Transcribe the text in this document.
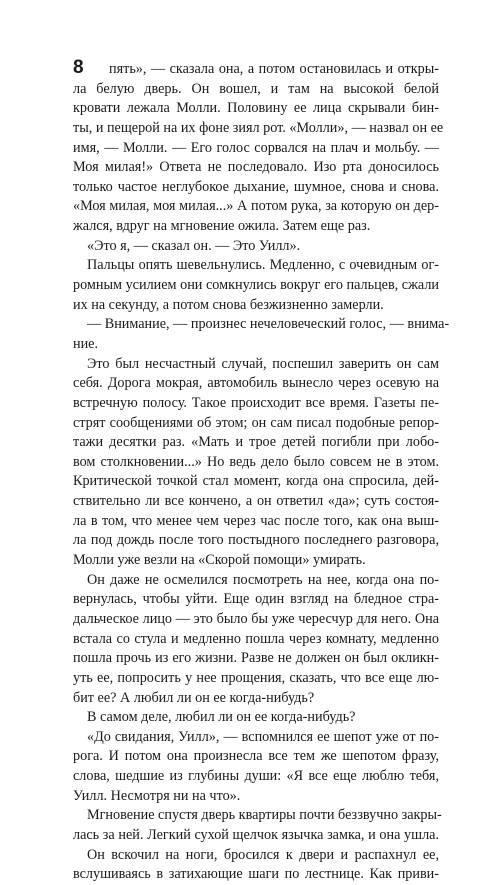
8	пять», — сказала она, а потом остановилась и откры-
ла белую дверь. Он вошел, и там на высокой белой
кровати лежала Молли. Половину ее лица скрывали бин-
ты, и пещерой на их фоне зиял рот. «Молли», — назвал он ее
имя, — Молли. — Его голос сорвался на плач и мольбу. —
Моя милая!» Ответа не последовало. Изо рта доносилось
только частое неглубокое дыхание, шумное, снова и снова.
«Моя милая, моя милая...» А потом рука, за которую он дер-
жался, вдруг на мгновение ожила. Затем еще раз.
«Это я, — сказал он. — Это Уилл».
Пальцы опять шевельнулись. Медленно, с очевидным ог-
ромным усилием они сомкнулись вокруг его пальцев, сжали
их на секунду, а потом снова безжизненно замерли.
— Внимание, — произнес нечеловеческий голос, — внима-
ние.
Это был несчастный случай, поспешил заверить он сам
себя. Дорога мокрая, автомобиль вынесло через осевую на
встречную полосу. Такое происходит все время. Газеты пе-
стрят сообщениями об этом; он сам писал подобные репор-
тажи десятки раз. «Мать и трое детей погибли при лобо-
вом столкновении...» Но ведь дело было совсем не в этом.
Критической точкой стал момент, когда она спросила, дей-
ствительно ли все кончено, а он ответил «да»; суть состоя-
ла в том, что менее чем через час после того, как она выш-
ла под дождь после того постыдного последнего разговора,
Молли уже везли на «Скорой помощи» умирать.
Он даже не осмелился посмотреть на нее, когда она по-
вернулась, чтобы уйти. Еще один взгляд на бледное стра-
дальческое лицо — это было бы уже чересчур для него. Она
встала со стула и медленно пошла через комнату, медленно
пошла прочь из его жизни. Разве не должен он был окликн-
уть ее, попросить у нее прощения, сказать, что все еще лю-
бит ее? А любил ли он ее когда-нибудь?
В самом деле, любил ли он ее когда-нибудь?
«До свидания, Уилл», — вспомнился ее шепот уже от по-
рога. И потом она произнесла все тем же шепотом фразу,
слова, шедшие из глубины души: «Я все еще люблю тебя,
Уилл. Несмотря ни на что».
Мгновение спустя дверь квартиры почти беззвучно закры-
лась за ней. Легкий сухой щелчок язычка замка, и она ушла.
Он вскочил на ноги, бросился к двери и распахнул ее,
вслушиваясь в затихающие шаги по лестнице. Как приви-
